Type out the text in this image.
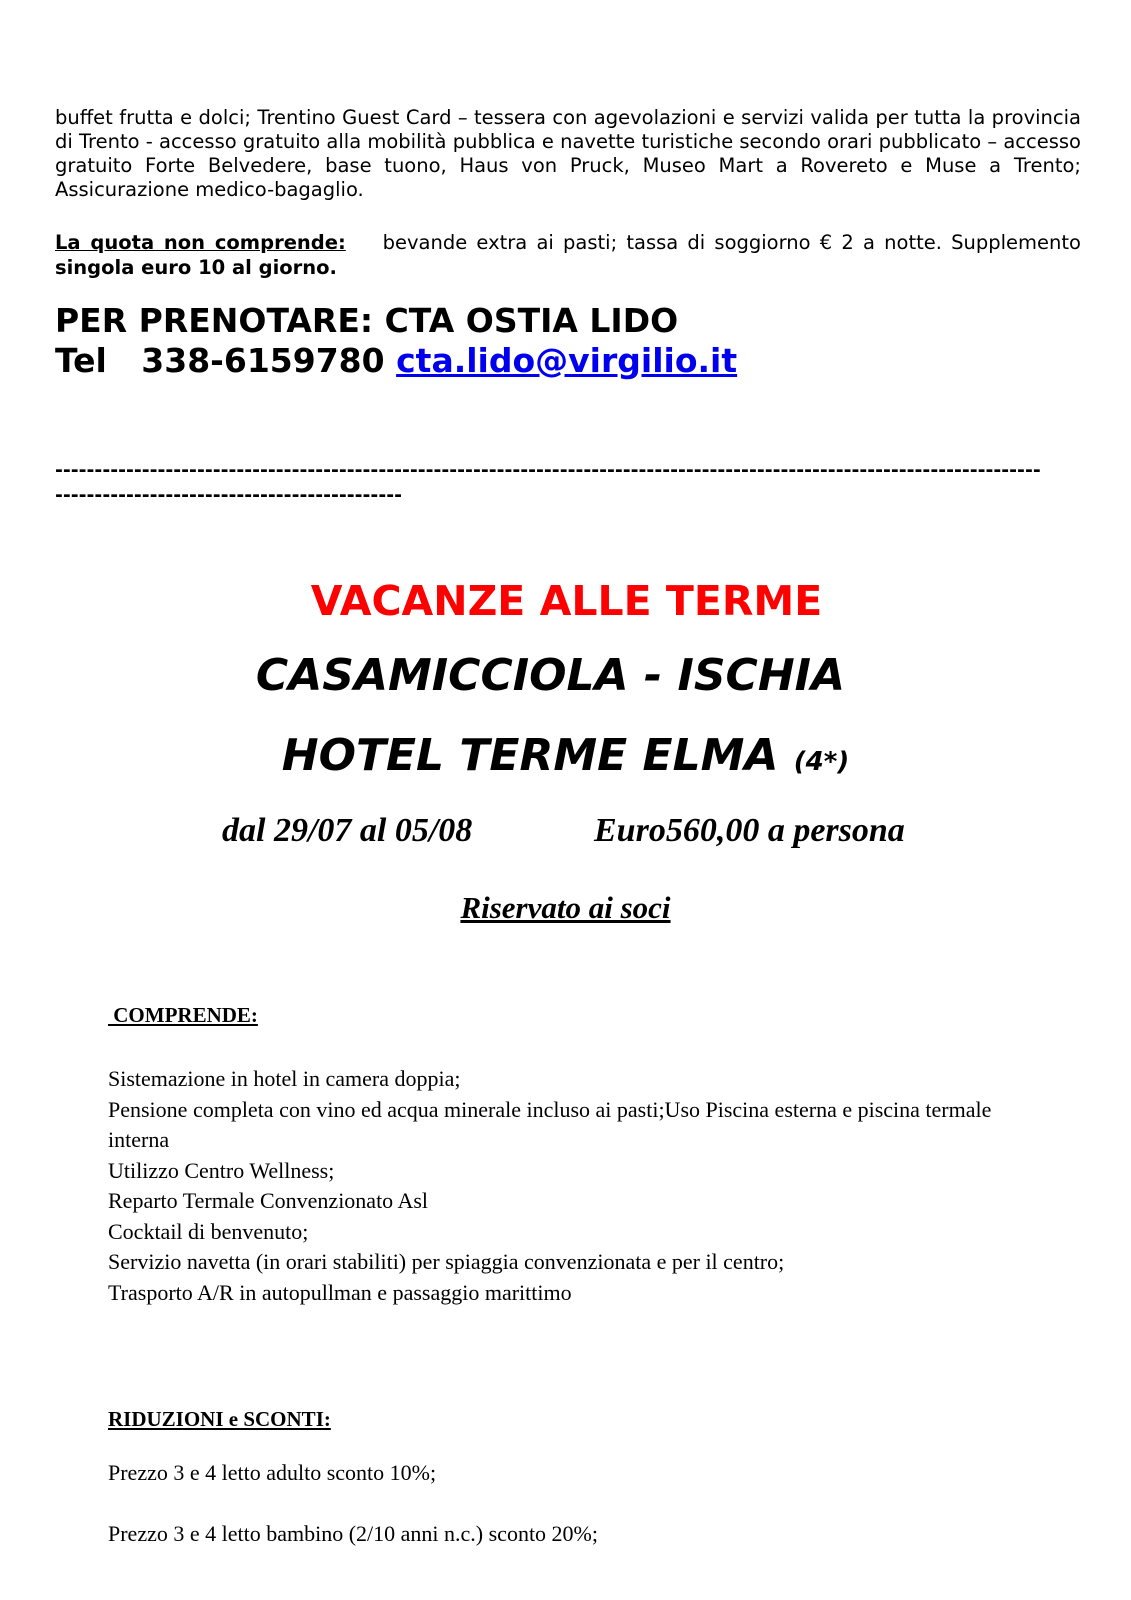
buffet frutta e dolci; Trentino Guest Card – tessera con agevolazioni e servizi valida per tutta la provincia di Trento - accesso gratuito alla mobilità pubblica e navette turistiche secondo orari pubblicato – accesso gratuito Forte Belvedere, base tuono, Haus von Pruck, Museo Mart a Rovereto e Muse a Trento; Assicurazione medico-bagaglio.

La quota non comprende: bevande extra ai pasti; tassa di soggiorno € 2 a notte. Supplemento singola euro 10 al giorno.

PER PRENOTARE: CTA OSTIA LIDO
Tel 338-6159780 cta.lido@virgilio.it
-----------------------------------------------------------------------------------------------------------------------------
--------------------------------------------
VACANZE ALLE TERME
CASAMICCIOLA - ISCHIA
HOTEL TERME ELMA (4*)
dal 29/07 al 05/08	Euro560,00 a persona
Riservato ai soci
COMPRENDE:
Sistemazione in hotel in camera doppia;
Pensione completa con vino ed acqua minerale incluso ai pasti;Uso Piscina esterna e piscina termale interna
Utilizzo Centro Wellness;
Reparto Termale Convenzionato Asl
Cocktail di benvenuto;
Servizio navetta (in orari stabiliti) per spiaggia convenzionata e per il centro;
Trasporto A/R in autopullman e passaggio marittimo
RIDUZIONI e SCONTI:
Prezzo 3 e 4 letto adulto sconto 10%;
Prezzo 3 e 4 letto bambino (2/10 anni n.c.) sconto 20%;
